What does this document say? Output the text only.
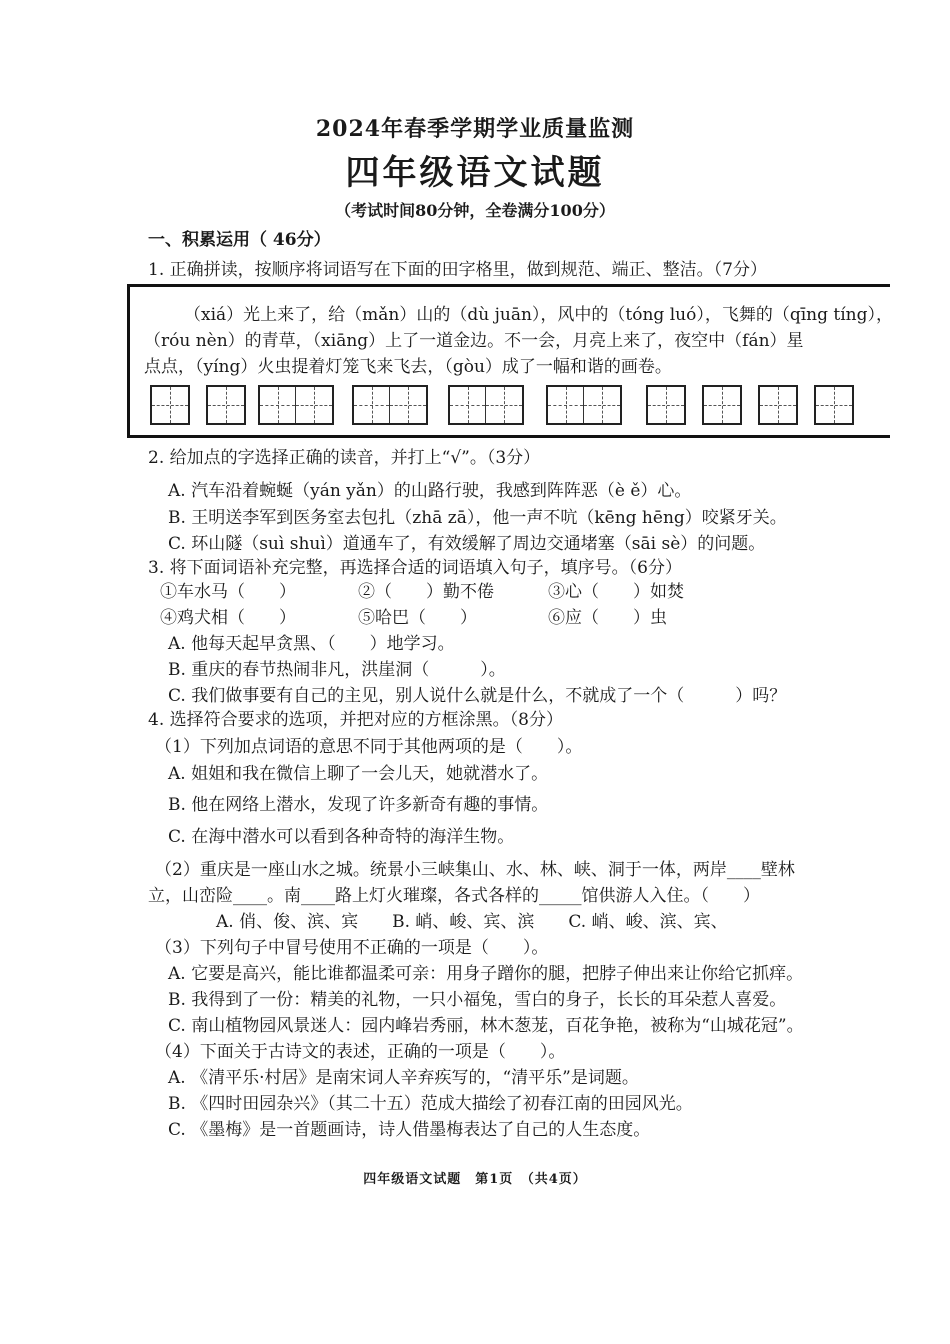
2024年春季学期学业质量监测
四年级语文试题
（考试时间80分钟，全卷满分100分）
一、积累运用（ 46分）
1. 正确拼读，按顺序将词语写在下面的田字格里，做到规范、端正、整洁。（7分）
（xiá）光上来了，给（mǎn）山的（dù juān），风中的（tóng luó），飞舞的（qīng tíng），
（róu nèn）的青草，（xiāng）上了一道金边。不一会，月亮上来了，夜空中（fán）星
点点，（yíng）火虫提着灯笼飞来飞去，（gòu）成了一幅和谐的画卷。
2. 给加点的字选择正确的读音，并打上“√”。（3分）
A. 汽车沿着蜿蜒（yán yǎn）的山路行驶，我感到阵阵恶（è ě）心。
B. 王明送李军到医务室去包扎（zhā zā），他一声不吭（kēng hēng）咬紧牙关。
C. 环山隧（suì shuì）道通车了，有效缓解了周边交通堵塞（sāi sè）的问题。
3. 将下面词语补充完整，再选择合适的词语填入句子，填序号。（6分）
①车水马（　　）	②（　　）勤不倦	③心（　　）如焚
④鸡犬相（　　）	⑤哈巴（　　）	⑥应（　　）虫
A. 他每天起早贪黑、（　　）地学习。
B. 重庆的春节热闹非凡，洪崖洞（　　　）。
C. 我们做事要有自己的主见，别人说什么就是什么，不就成了一个（　　　）吗？
4. 选择符合要求的选项，并把对应的方框涂黑。（8分）
（1）下列加点词语的意思不同于其他两项的是（　　）。
A. 姐姐和我在微信上聊了一会儿天，她就潜水了。
B. 他在网络上潜水，发现了许多新奇有趣的事情。
C. 在海中潜水可以看到各种奇特的海洋生物。
（2）重庆是一座山水之城。统景小三峡集山、水、林、峡、洞于一体，两岸____壁林
立，山峦险____。南____路上灯火璀璨，各式各样的_____馆供游人入住。（　　）
A. 俏、俊、滨、宾　　B. 峭、峻、宾、滨　　C. 峭、峻、滨、宾、
（3）下列句子中冒号使用不正确的一项是（　　）。
A. 它要是高兴，能比谁都温柔可亲：用身子蹭你的腿，把脖子伸出来让你给它抓痒。
B. 我得到了一份：精美的礼物，一只小福兔，雪白的身子，长长的耳朵惹人喜爱。
C. 南山植物园风景迷人：园内峰岩秀丽，林木葱茏，百花争艳，被称为“山城花冠”。
（4）下面关于古诗文的表述，正确的一项是（　　）。
A. 《清平乐·村居》是南宋词人辛弃疾写的，“清平乐”是词题。
B. 《四时田园杂兴》（其二十五）范成大描绘了初春江南的田园风光。
C. 《墨梅》是一首题画诗，诗人借墨梅表达了自己的人生态度。
四年级语文试题　第1页　（共4页）
